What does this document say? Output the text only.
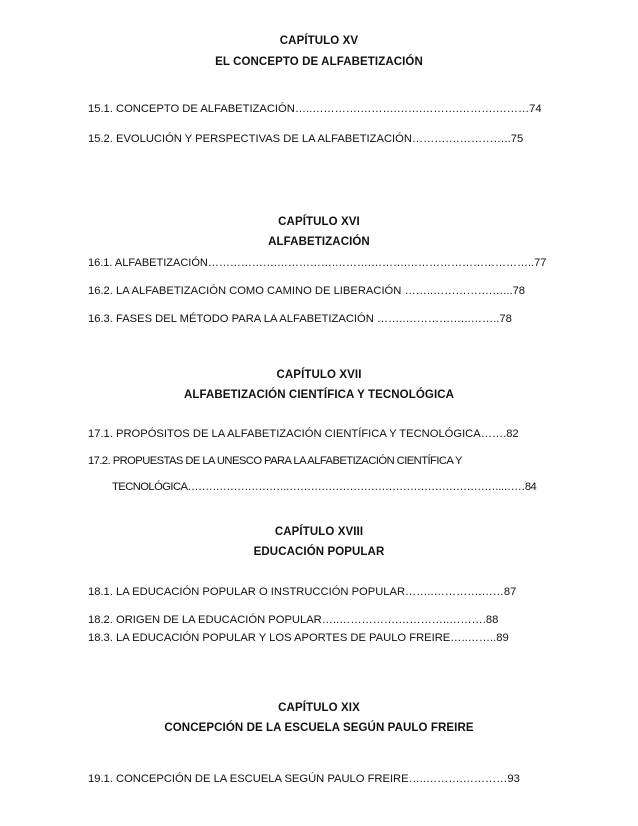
CAPÍTULO XV
EL CONCEPTO DE ALFABETIZACIÓN
15.1. CONCEPTO DE ALFABETIZACIÓN…..………….……….…….……….……….………74
15.2. EVOLUCIÓN Y PERSPECTIVAS DE LA ALFABETIZACIÓN……….……………..75
CAPÍTULO XVI
ALFABETIZACIÓN
16.1. ALFABETIZACIÓN……………….…………….……….……….……………………………..77
16.2. LA ALFABETIZACIÓN COMO CAMINO DE LIBERACIÓN ……..…………….…...78
16.3. FASES DEL MÉTODO PARA LA ALFABETIZACIÓN ……..………….…..……..78
CAPÍTULO XVII
ALFABETIZACIÓN CIENTÍFICA Y TECNOLÓGICA
17.1. PROPÓSITOS DE LA ALFABETIZACIÓN CIENTÍFICA Y TECNOLÓGICA…….82
17.2. PROPUESTAS DE LA UNESCO PARA LA ALFABETIZACIÓN CIENTÍFICA Y
TECNOLÓGICA……………………….……………………………………………………..……84
CAPÍTULO XVIII
EDUCACIÓN POPULAR
18.1. LA EDUCACIÓN POPULAR O INSTRUCCIÓN POPULAR……..………….……87
18.2. ORIGEN DE LA EDUCACIÓN POPULAR…..…………….…………..……….88
18.3. LA EDUCACIÓN POPULAR Y LOS APORTES DE PAULO FREIRE…..……..89
CAPÍTULO XIX
CONCEPCIÓN DE LA ESCUELA SEGÚN PAULO FREIRE
19.1. CONCEPCIÓN DE LA ESCUELA SEGÚN PAULO FREIRE…..……….…………93
